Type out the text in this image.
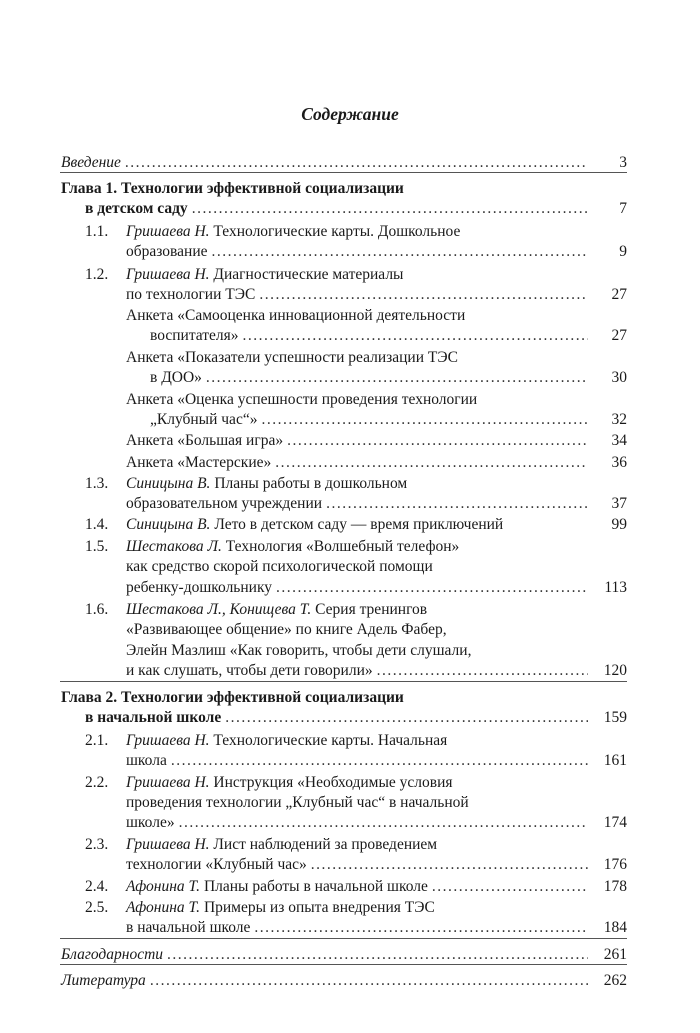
Содержание
Введение .....	3
Глава 1. Технологии эффективной социализации
в детском саду .....	7
1.1. Гришаева Н. Технологические карты. Дошкольное
образование .....	9
1.2. Гришаева Н. Диагностические материалы
по технологии ТЭС .....	27
Анкета «Самооценка инновационной деятельности
воспитателя» .....	27
Анкета «Показатели успешности реализации ТЭС
в ДОО» .....	30
Анкета «Оценка успешности проведения технологии
„Клубный час“» .....	32
Анкета «Большая игра» .....	34
Анкета «Мастерские» .....	36
1.3. Синицына В. Планы работы в дошкольном
образовательном учреждении .....	37
1.4. Синицына В. Лето в детском саду — время приключений	99
1.5. Шестакова Л. Технология «Волшебный телефон»
как средство скорой психологической помощи
ребенку-дошкольнику .....	113
1.6. Шестакова Л., Конищева Т. Серия тренингов
«Развивающее общение» по книге Адель Фабер,
Элейн Мазлиш «Как говорить, чтобы дети слушали,
и как слушать, чтобы дети говорили» .....	120
Глава 2. Технологии эффективной социализации
в начальной школе .....	159
2.1. Гришаева Н. Технологические карты. Начальная
школа .....	161
2.2. Гришаева Н. Инструкция «Необходимые условия
проведения технологии „Клубный час“ в начальной
школе» .....	174
2.3. Гришаева Н. Лист наблюдений за проведением
технологии «Клубный час» .....	176
2.4. Афонина Т. Планы работы в начальной школе .....	178
2.5. Афонина Т. Примеры из опыта внедрения ТЭС
в начальной школе .....	184
Благодарности .....	261
Литература .....	262
